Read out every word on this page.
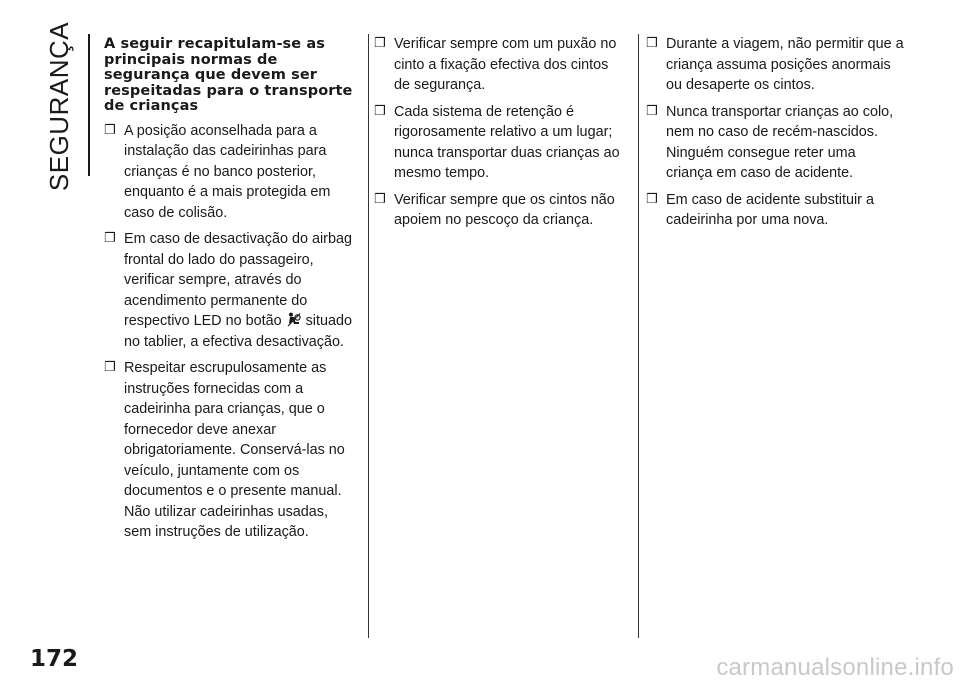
SEGURANÇA A seguir recapitulam-se as principais normas de segurança que devem ser respeitadas para o transporte de crianças
❒ A posição aconselhada para a instalação das cadeirinhas para crianças é no banco posterior, enquanto é a mais protegida em caso de colisão.
❒ Em caso de desactivação do airbag frontal do lado do passageiro, verificar sempre, através do acendimento permanente do respectivo LED no botão situado no tablier, a efectiva desactivação.
❒ Respeitar escrupulosamente as instruções fornecidas com a cadeirinha para crianças, que o fornecedor deve anexar obrigatoriamente. Conservá-las no veículo, juntamente com os documentos e o presente manual. Não utilizar cadeirinhas usadas, sem instruções de utilização.
❒ Verificar sempre com um puxão no cinto a fixação efectiva dos cintos de segurança.
❒ Cada sistema de retenção é rigorosamente relativo a um lugar; nunca transportar duas crianças ao mesmo tempo.
❒ Verificar sempre que os cintos não apoiem no pescoço da criança.
❒ Durante a viagem, não permitir que a criança assuma posições anormais ou desaperte os cintos.
❒ Nunca transportar crianças ao colo, nem no caso de recém-nascidos. Ninguém consegue reter uma criança em caso de acidente.
❒ Em caso de acidente substituir a cadeirinha por uma nova.
172	carmanualsonline.info
